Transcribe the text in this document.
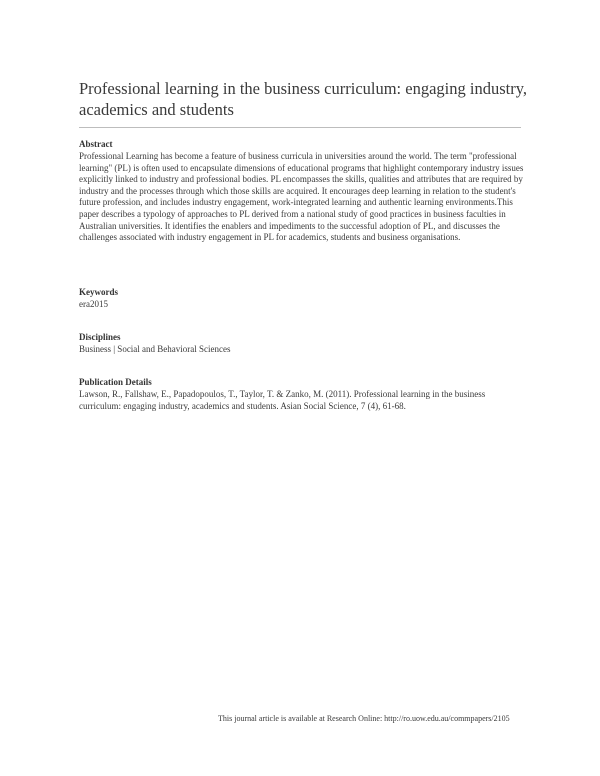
Professional learning in the business curriculum: engaging industry, academics and students
Abstract

Professional Learning has become a feature of business curricula in universities around the world. The term "professional learning" (PL) is often used to encapsulate dimensions of educational programs that highlight contemporary industry issues explicitly linked to industry and professional bodies. PL encompasses the skills, qualities and attributes that are required by industry and the processes through which those skills are acquired. It encourages deep learning in relation to the student's future profession, and includes industry engagement, work-integrated learning and authentic learning environments.This paper describes a typology of approaches to PL derived from a national study of good practices in business faculties in Australian universities. It identifies the enablers and impediments to the successful adoption of PL, and discusses the challenges associated with industry engagement in PL for academics, students and business organisations.

Keywords

era2015

Disciplines

Business | Social and Behavioral Sciences

Publication Details

Lawson, R., Fallshaw, E., Papadopoulos, T., Taylor, T. & Zanko, M. (2011). Professional learning in the business curriculum: engaging industry, academics and students. Asian Social Science, 7 (4), 61-68.

This journal article is available at Research Online: http://ro.uow.edu.au/commpapers/2105
